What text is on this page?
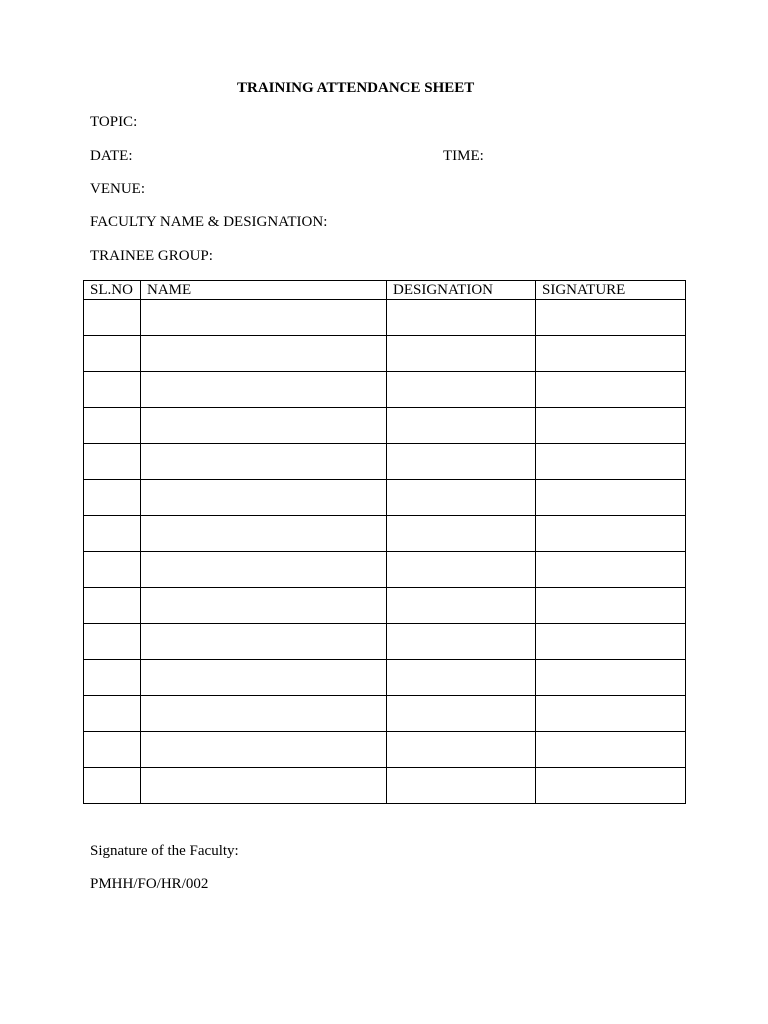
TRAINING ATTENDANCE SHEET
TOPIC:
DATE:	TIME:
VENUE:
FACULTY NAME & DESIGNATION:
TRAINEE GROUP:
SL.NO	NAME	DESIGNATION	SIGNATURE

Signature of the Faculty:
PMHH/FO/HR/002
